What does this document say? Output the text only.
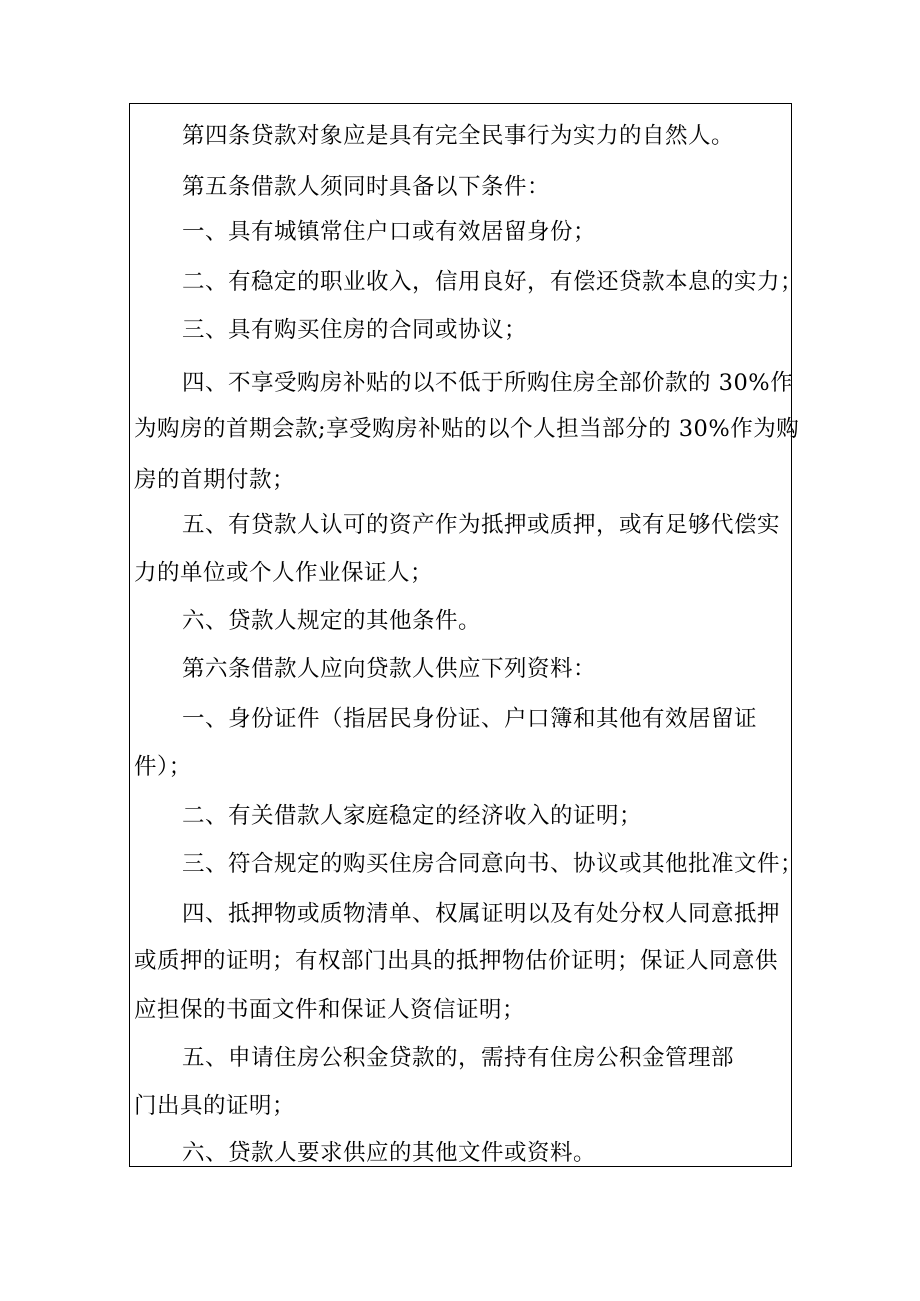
第四条贷款对象应是具有完全民事行为实力的自然人。
第五条借款人须同时具备以下条件：
一、具有城镇常住户口或有效居留身份；
二、有稳定的职业收入，信用良好，有偿还贷款本息的实力；
三、具有购买住房的合同或协议；
四、不享受购房补贴的以不低于所购住房全部价款的 30%作
为购房的首期会款;享受购房补贴的以个人担当部分的 30%作为购
房的首期付款；
五、有贷款人认可的资产作为抵押或质押，或有足够代偿实
力的单位或个人作业保证人；
六、贷款人规定的其他条件。
第六条借款人应向贷款人供应下列资料：
一、身份证件（指居民身份证、户口簿和其他有效居留证
件）；
二、有关借款人家庭稳定的经济收入的证明；
三、符合规定的购买住房合同意向书、协议或其他批准文件；
四、抵押物或质物清单、权属证明以及有处分权人同意抵押
或质押的证明；有权部门出具的抵押物估价证明；保证人同意供
应担保的书面文件和保证人资信证明；
五、申请住房公积金贷款的，需持有住房公积金管理部
门出具的证明；
六、贷款人要求供应的其他文件或资料。
